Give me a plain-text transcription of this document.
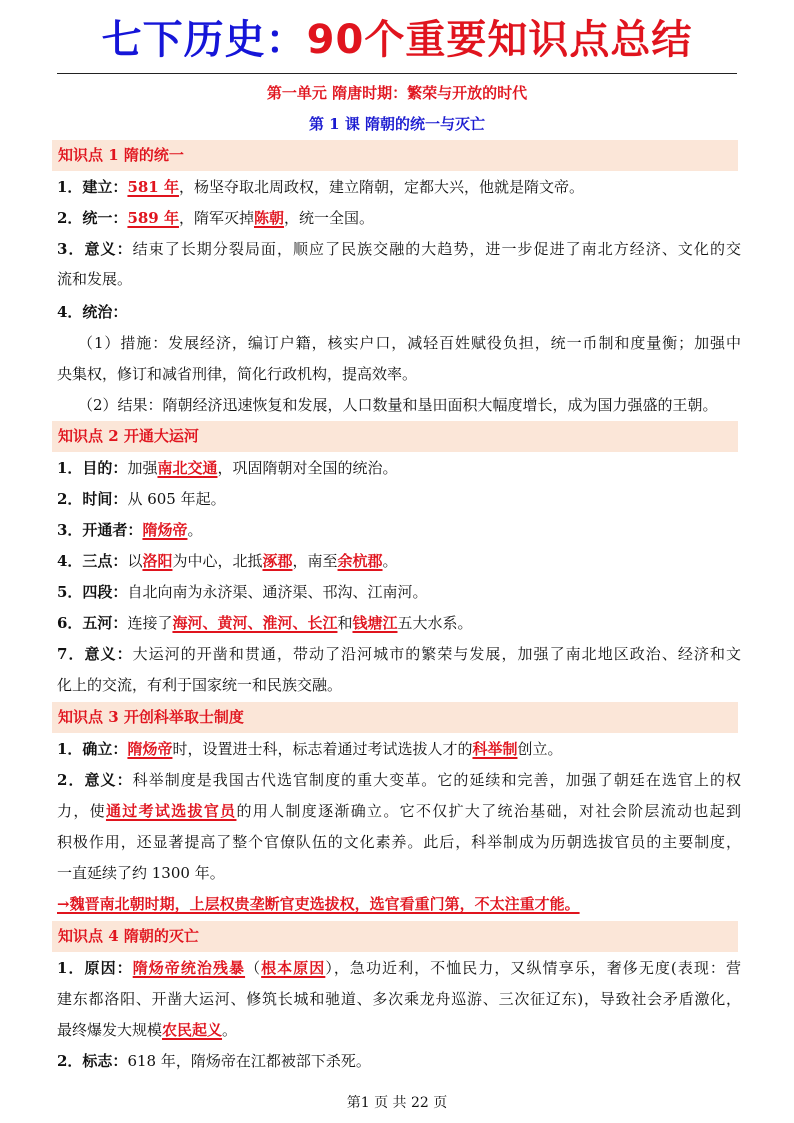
七下历史：90个重要知识点总结
第一单元 隋唐时期：繁荣与开放的时代
第 1 课 隋朝的统一与灭亡
知识点 1 隋的统一
1．建立：581 年，杨坚夺取北周政权，建立隋朝，定都大兴，他就是隋文帝。
2．统一：589 年，隋军灭掉陈朝，统一全国。
3．意义：结束了长期分裂局面，顺应了民族交融的大趋势，进一步促进了南北方经济、文化的交
流和发展。
4．统治：
（1）措施：发展经济，编订户籍，核实户口，减轻百姓赋役负担，统一币制和度量衡；加强中
央集权，修订和减省刑律，简化行政机构，提高效率。
（2）结果：隋朝经济迅速恢复和发展，人口数量和垦田面积大幅度增长，成为国力强盛的王朝。
知识点 2 开通大运河
1．目的：加强南北交通，巩固隋朝对全国的统治。
2．时间：从 605 年起。
3．开通者：隋炀帝。
4．三点：以洛阳为中心，北抵涿郡，南至余杭郡。
5．四段：自北向南为永济渠、通济渠、邗沟、江南河。
6．五河：连接了海河、黄河、淮河、长江和钱塘江五大水系。
7．意义：大运河的开凿和贯通，带动了沿河城市的繁荣与发展，加强了南北地区政治、经济和文
化上的交流，有利于国家统一和民族交融。
知识点 3 开创科举取士制度
1．确立：隋炀帝时，设置进士科，标志着通过考试选拔人才的科举制创立。
2．意义：科举制度是我国古代选官制度的重大变革。它的延续和完善，加强了朝廷在选官上的权
力，使通过考试选拔官员的用人制度逐渐确立。它不仅扩大了统治基础，对社会阶层流动也起到
积极作用，还显著提高了整个官僚队伍的文化素养。此后，科举制成为历朝选拔官员的主要制度，
一直延续了约 1300 年。
→魏晋南北朝时期，上层权贵垄断官吏选拔权，选官看重门第，不太注重才能。
知识点 4 隋朝的灭亡
1．原因：隋炀帝统治残暴（根本原因），急功近利，不恤民力，又纵情享乐，奢侈无度(表现：营
建东都洛阳、开凿大运河、修筑长城和驰道、多次乘龙舟巡游、三次征辽东)，导致社会矛盾激化，
最终爆发大规模农民起义。
2．标志：618 年，隋炀帝在江都被部下杀死。
第1 页 共 22 页
